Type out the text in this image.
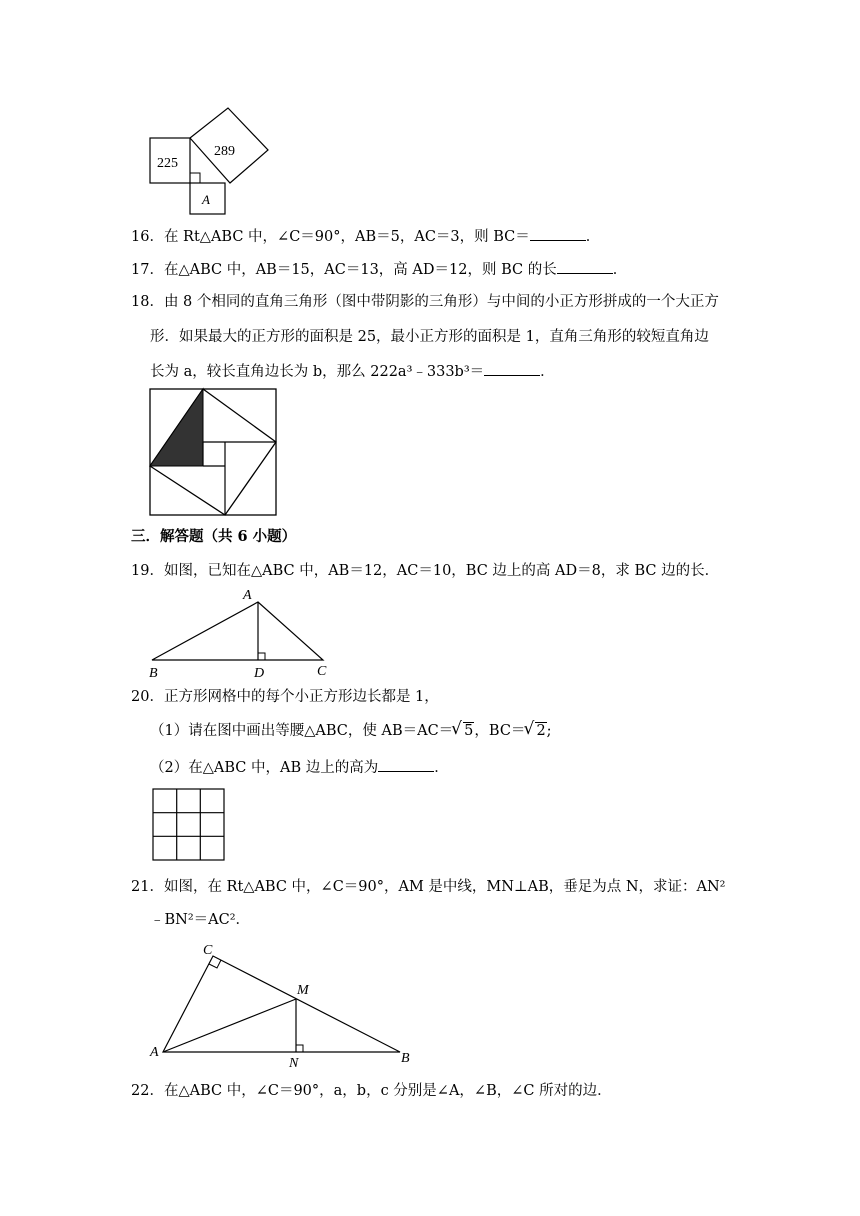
225
289
A
16．在 Rt△ABC 中，∠C＝90°，AB＝5，AC＝3，则 BC＝	．
17．在△ABC 中，AB＝15，AC＝13，高 AD＝12，则 BC 的长	．
18．由 8 个相同的直角三角形（图中带阴影的三角形）与中间的小正方形拼成的一个大正方
形．如果最大的正方形的面积是 25，最小正方形的面积是 1，直角三角形的较短直角边
长为 a，较长直角边长为 b，那么 222a³﹣333b³＝	．
三．解答题（共 6 小题）
19．如图，已知在△ABC 中，AB＝12，AC＝10，BC 边上的高 AD＝8，求 BC 边的长．
A
B	C
D
20．正方形网格中的每个小正方形边长都是 1，
（1）请在图中画出等腰△ABC，使 AB＝AC＝ √ 5，BC＝ √ 2;
（2）在△ABC 中，AB 边上的高为	．
21．如图，在 Rt△ABC 中，∠C＝90°，AM 是中线，MN⊥AB，垂足为点 N，求证：AN²
﹣BN²＝AC²．
A	B
C
M
N
22．在△ABC 中，∠C＝90°，a，b，c 分别是∠A，∠B，∠C 所对的边．
